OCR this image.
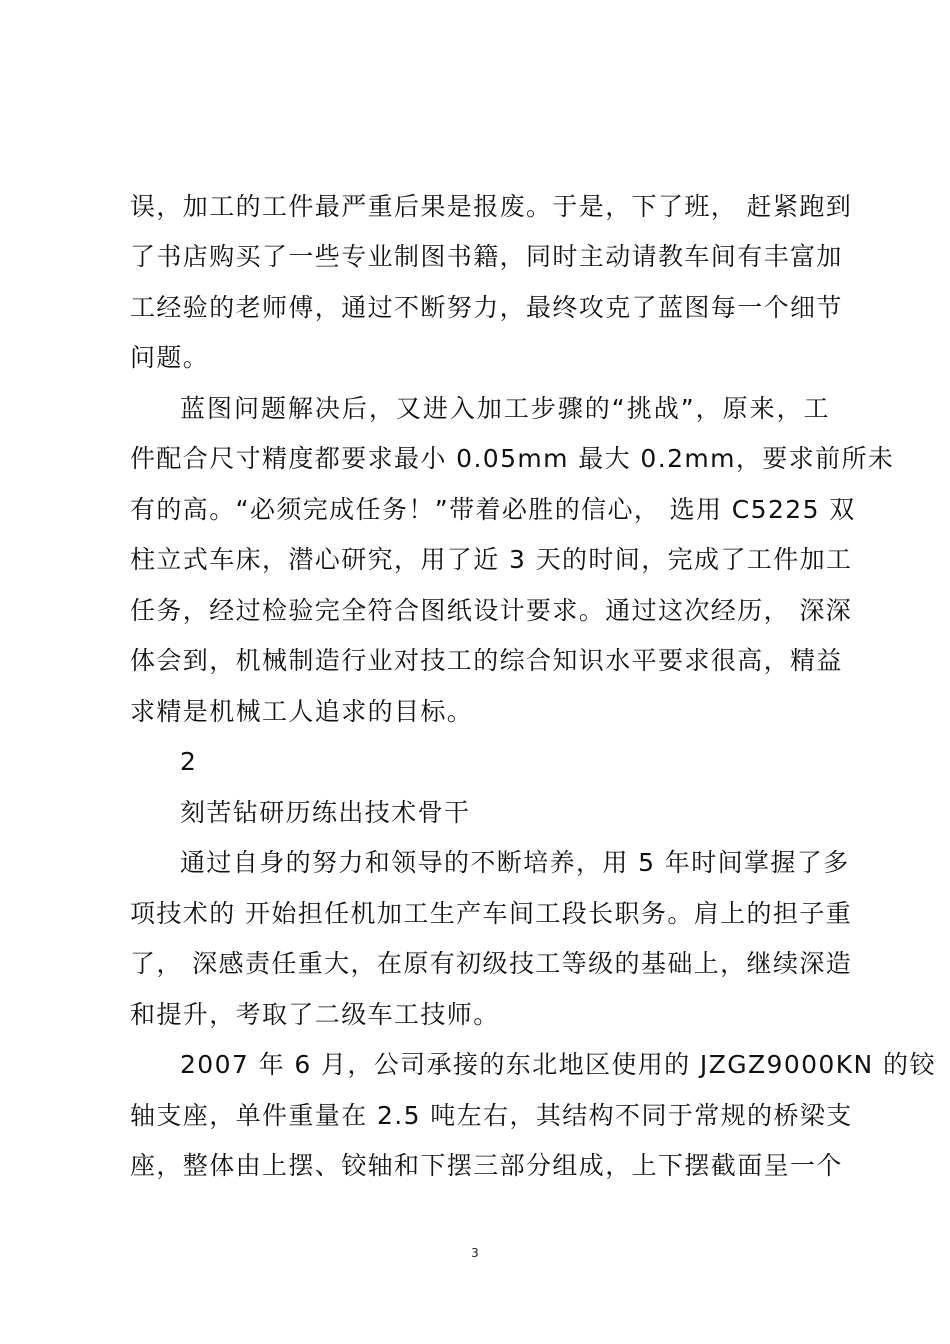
误，加工的工件最严重后果是报废。于是，下了班， 赶紧跑到
了书店购买了一些专业制图书籍，同时主动请教车间有丰富加
工经验的老师傅，通过不断努力，最终攻克了蓝图每一个细节
问题。
蓝图问题解决后，又进入加工步骤的“挑战”，原来，工
件配合尺寸精度都要求最小 0.05mm 最大 0.2mm，要求前所未
有的高。“必须完成任务！”带着必胜的信心， 选用 C5225 双
柱立式车床，潜心研究，用了近 3 天的时间，完成了工件加工
任务，经过检验完全符合图纸设计要求。通过这次经历， 深深
体会到，机械制造行业对技工的综合知识水平要求很高，精益
求精是机械工人追求的目标。
2
刻苦钻研历练出技术骨干
通过自身的努力和领导的不断培养，用 5 年时间掌握了多
项技术的 开始担任机加工生产车间工段长职务。肩上的担子重
了， 深感责任重大，在原有初级技工等级的基础上，继续深造
和提升，考取了二级车工技师。
2007 年 6 月，公司承接的东北地区使用的 JZGZ9000KN 的铰
轴支座，单件重量在 2.5 吨左右，其结构不同于常规的桥梁支
座，整体由上摆、铰轴和下摆三部分组成，上下摆截面呈一个
3
